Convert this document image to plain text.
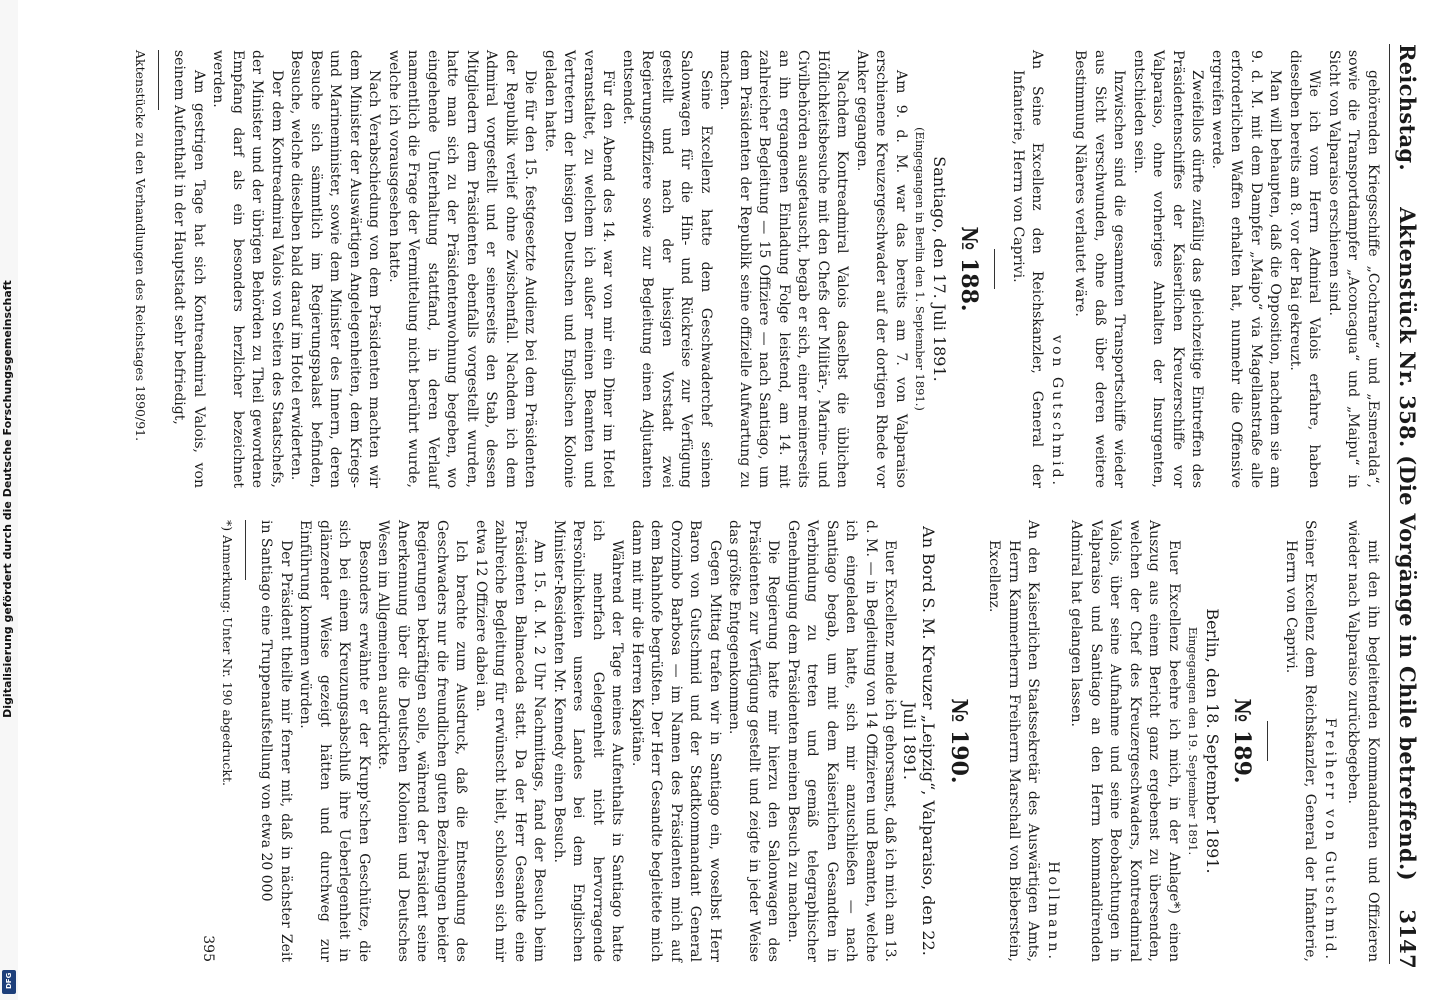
Digitalisierung gefördert durch die Deutsche Forschungsgemeinschaft
DFG
Reichstag.
Aktenstück Nr. 358. (Die Vorgänge in Chile betreffend.)
3147

gehörenden Kriegsschiffe „Cochrane“ und „Esmeralda“, sowie die Transportdampfer „Aconcagua“ und „Maipu“ in Sicht von Valparaiso erschienen sind.

Wie ich vom Herrn Admiral Valois erfahre, haben dieselben bereits am 8. vor der Bai gekreuzt.

Man will behaupten, daß die Opposition, nachdem sie am 9. d. M. mit dem Dampfer „Maipo“ via Magellanstraße alle erforderlichen Waffen erhalten hat, nunmehr die Offensive ergreifen werde.

Zweifellos dürfte zufällig das gleichzeitige Eintreffen des Präsidentenschiffes der Kaiserlichen Kreuzerschiffe vor Valparaiso, ohne vorheriges Anhalten der Insurgenten, entschieden sein.

Inzwischen sind die gesammten Transportschiffe wieder aus Sicht verschwunden, ohne daß über deren weitere Bestimmung Näheres verlautet wäre.

von Gutschmid.

An Seine Excellenz den Reichskanzler, General der Infanterie, Herrn von Caprivi.

№ 188.

Santiago, den 17. Juli 1891.

(Eingegangen in Berlin den 1. September 1891.)

Am 9. d. M. war das bereits am 7. von Valparaiso erschienene Kreuzergeschwader auf der dortigen Rhede vor Anker gegangen.

Nachdem Kontreadmiral Valois daselbst die üblichen Höflichkeitsbesuche mit den Chefs der Militär-, Marine- und Civilbehörden ausgetauscht, begab er sich, einer meinerseits an ihn ergangenen Einladung Folge leistend, am 14. mit zahlreicher Begleitung — 15 Offiziere — nach Santiago, um dem Präsidenten der Republik seine offizielle Aufwartung zu machen.

Seine Excellenz hatte dem Geschwaderchef seinen Salonwagen für die Hin- und Rückreise zur Verfügung gestellt und nach der hiesigen Vorstadt zwei Regierungsoffiziere sowie zur Begleitung einen Adjutanten entsendet.

Für den Abend des 14. war von mir ein Diner im Hotel veranstaltet, zu welchem ich außer meinen Beamten und Vertretern der hiesigen Deutschen und Englischen Kolonie geladen hatte.

Die für den 15. festgesetzte Audienz bei dem Präsidenten der Republik verlief ohne Zwischenfall. Nachdem ich dem Admiral vorgestellt und er seinerseits den Stab, dessen Mitgliedern dem Präsidenten ebenfalls vorgestellt wurden, hatte man sich zu der Präsidentenwohnung begeben, wo eingehende Unterhaltung stattfand, in deren Verlauf namentlich die Frage der Vermittelung nicht berührt wurde, welche ich vorausgesehen hatte.

Nach Verabschiedung von dem Präsidenten machten wir dem Minister der Auswärtigen Angelegenheiten, dem Kriegs- und Marineminister, sowie dem Minister des Innern, deren Besuche sich sämmtlich im Regierungspalast befinden, Besuche, welche dieselben bald darauf im Hotel erwiderten.

Der dem Kontreadmiral Valois von Seiten des Staatschefs, der Minister und der übrigen Behörden zu Theil gewordene Empfang darf als ein besonders herzlicher bezeichnet werden.

Am gestrigen Tage hat sich Kontreadmiral Valois, von seinem Aufenthalt in der Hauptstadt sehr befriedigt,

Aktenstücke zu den Verhandlungen des Reichstages 1890/91.

mit den ihn begleitenden Kommandanten und Offizieren wieder nach Valparaiso zurückbegeben.

Freiherr von Gutschmid.

Seiner Excellenz dem Reichskanzler, General der Infanterie, Herrn von Caprivi.

№ 189.

Berlin, den 18. September 1891.

Eingegangen den 19. September 1891.

Euer Excellenz beehre ich mich, in der Anlage*) einen Auszug aus einem Bericht ganz ergebenst zu übersenden, welchen der Chef des Kreuzergeschwaders, Kontreadmiral Valois, über seine Aufnahme und seine Beobachtungen in Valparaiso und Santiago an den Herrn kommandirenden Admiral hat gelangen lassen.

Hollmann.

An den Kaiserlichen Staatssekretär des Auswärtigen Amts, Herrn Kammerherrn Freiherrn Marschall von Bieberstein, Excellenz.

№ 190.

An Bord S. M. Kreuzer „Leipzig“, Valparaiso, den 22. Juli 1891.

Euer Excellenz melde ich gehorsamst, daß ich mich am 13. d. M. — in Begleitung von 14 Offizieren und Beamten, welche ich eingeladen hatte, sich mir anzuschließen — nach Santiago begab, um mit dem Kaiserlichen Gesandten in Verbindung zu treten und gemäß telegraphischer Genehmigung dem Präsidenten meinen Besuch zu machen.

Die Regierung hatte mir hierzu den Salonwagen des Präsidenten zur Verfügung gestellt und zeigte in jeder Weise das größte Entgegenkommen.

Gegen Mittag trafen wir in Santiago ein, woselbst Herr Baron von Gutschmid und der Stadtkommandant General Orozimbo Barbosa — im Namen des Präsidenten mich auf dem Bahnhofe begrüßten. Der Herr Gesandte begleitete mich dann mit mir die Herren Kapitäne.

Während der Tage meines Aufenthalts in Santiago hatte ich mehrfach Gelegenheit nicht hervorragende Persönlichkeiten unseres Landes bei dem Englischen Minister-Residenten Mr. Kennedy einen Besuch.

Am 15. d. M. 2 Uhr Nachmittags, fand der Besuch beim Präsidenten Balmaceda statt. Da der Herr Gesandte eine zahlreiche Begleitung für erwünscht hielt, schlossen sich mir etwa 12 Offiziere dabei an.

Ich brachte zum Ausdruck, daß die Entsendung des Geschwaders nur die freundlichen guten Beziehungen beider Regierungen bekräftigen solle, während der Präsident seine Anerkennung über die Deutschen Kolonien und Deutsches Wesen im Allgemeinen ausdrückte.

Besonders erwähnte er der Krupp'schen Geschütze, die sich bei einem Kreuzungsabschluß ihre Ueberlegenheit in glänzender Weise gezeigt hätten und durchweg zur Einführung kommen würden.

Der Präsident theilte mir ferner mit, daß in nächster Zeit in Santiago eine Truppenaufstellung von etwa 20 000

*) Anmerkung: Unter Nr. 190 abgedruckt.

395
